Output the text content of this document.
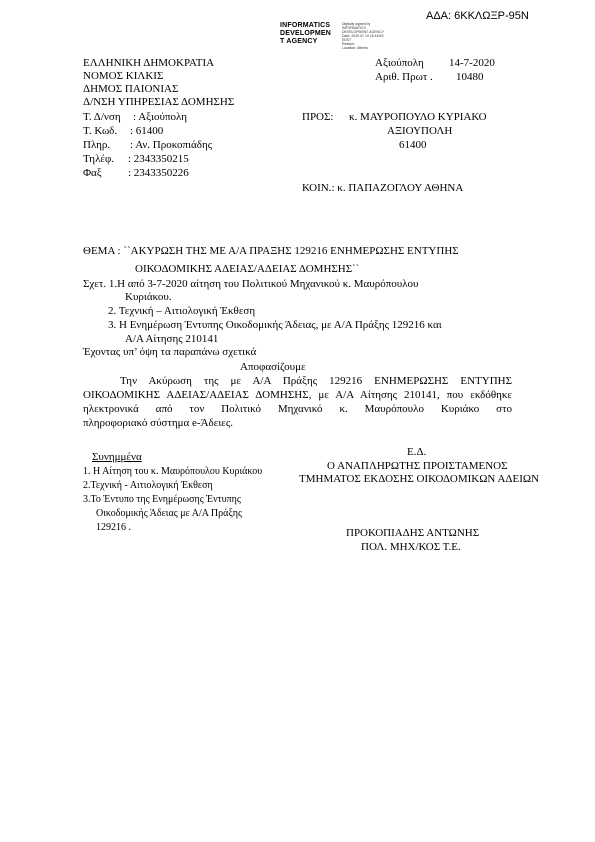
ΑΔΑ: 6ΚΚΛΩΞΡ-95Ν
INFORMATICS
DEVELOPMEN
T AGENCY
Digitally signed by
INFORMATICS
DEVELOPMENT AGENCY
Date: 2020.07.14 15:18:59
EEST
Reason:
Location: Athens
ΕΛΛΗΝΙΚΗ ΔΗΜΟΚΡΑΤΙΑ
ΝΟΜΟΣ ΚΙΛΚΙΣ
ΔΗΜΟΣ ΠΑΙΟΝΙΑΣ
Δ/ΝΣΗ ΥΠΗΡΕΣΙΑΣ ΔΟΜΗΣΗΣ
Τ. Δ/νση : Αξιούπολη
Τ. Κωδ. : 61400
Πληρ. : Αν. Προκοπιάδης
Τηλέφ. : 2343350215
Φαξ : 2343350226
Αξιούπολη 14-7-2020
Αριθ. Πρωτ . 10480
ΠΡΟΣ: κ. ΜΑΥΡΟΠΟΥΛΟ ΚΥΡΙΑΚΟ
ΑΞΙΟΥΠΟΛΗ
61400
ΚΟΙΝ.: κ. ΠΑΠΑΖΟΓΛΟΥ ΑΘΗΝΑ
ΘΕΜΑ : ``ΑΚΥΡΩΣΗ ΤΗΣ ΜΕ Α/Α ΠΡΑΞΗΣ 129216 ΕΝΗΜΕΡΩΣΗΣ ΕΝΤΥΠΗΣ
ΟΙΚΟΔΟΜΙΚΗΣ ΑΔΕΙΑΣ/ΑΔΕΙΑΣ ΔΟΜΗΣΗΣ``
Σχετ. 1.Η από 3-7-2020 αίτηση του Πολιτικού Μηχανικού κ. Μαυρόπουλου
Κυριάκου.
2. Τεχνική – Αιτιολογική Έκθεση
3. Η Ενημέρωση Έντυπης Οικοδομικής Άδειας, με Α/Α Πράξης 129216 και
Α/Α Αίτησης 210141
Έχοντας υπ’ όψη τα παραπάνω σχετικά
Αποφασίζουμε
Την Ακύρωση της με Α/Α Πράξης 129216 ΕΝΗΜΕΡΩΣΗΣ ΕΝΤΥΠΗΣ
ΟΙΚΟΔΟΜΙΚΗΣ ΑΔΕΙΑΣ/ΑΔΕΙΑΣ ΔΟΜΗΣΗΣ, με Α/Α Αίτησης 210141, που εκδόθηκε
ηλεκτρονικά από τον Πολιτικό Μηχανικό κ. Μαυρόπουλο Κυριάκο στο
πληροφοριακό σύστημα e-Άδειες.
Συνημμένα
1. Η Αίτηση του κ. Μαυρόπουλου Κυριάκου
2.Τεχνική - Αιτιολογική Έκθεση
3.Το Έντυπο της Ενημέρωσης Έντυπης
Οικοδομικής Άδειας με Α/Α Πράξης
129216 .
Ε.Δ.
Ο ΑΝΑΠΛΗΡΩΤΗΣ ΠΡΟΙΣΤΑΜΕΝΟΣ
ΤΜΗΜΑΤΟΣ ΕΚΔΟΣΗΣ ΟΙΚΟΔΟΜΙΚΩΝ ΑΔΕΙΩΝ
ΠΡΟΚΟΠΙΑΔΗΣ ΑΝΤΩΝΗΣ
ΠΟΛ. ΜΗΧ/ΚΟΣ Τ.Ε.
